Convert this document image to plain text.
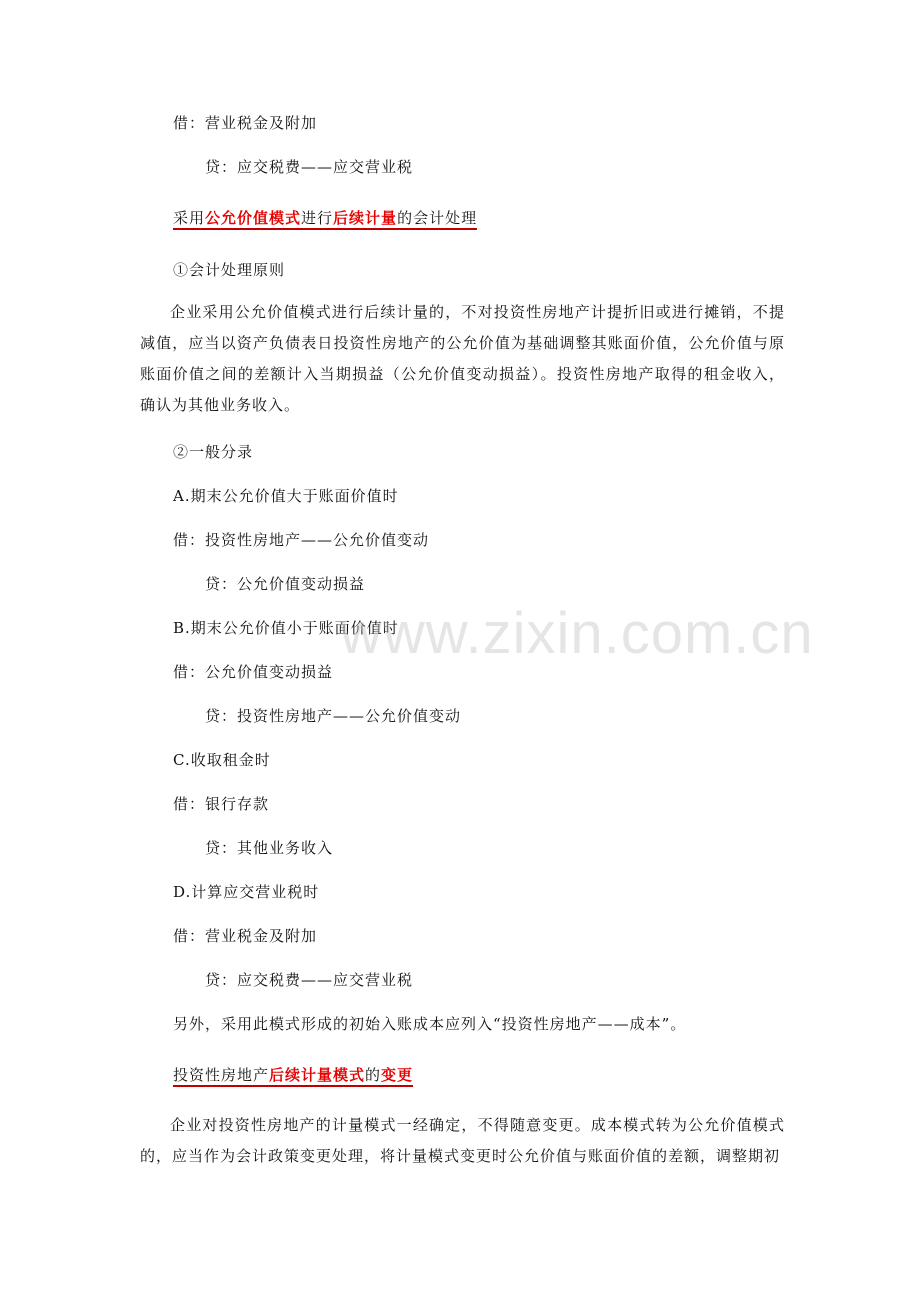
借：营业税金及附加
贷：应交税费——应交营业税
采用公允价值模式进行后续计量的会计处理
①会计处理原则

企业采用公允价值模式进行后续计量的，不对投资性房地产计提折旧或进行摊销，不提减值，应当以资产负债表日投资性房地产的公允价值为基础调整其账面价值，公允价值与原账面价值之间的差额计入当期损益（公允价值变动损益）。投资性房地产取得的租金收入，确认为其他业务收入。

②一般分录
A.期末公允价值大于账面价值时
借：投资性房地产——公允价值变动
贷：公允价值变动损益
B.期末公允价值小于账面价值时
借：公允价值变动损益
贷：投资性房地产——公允价值变动
C.收取租金时
借：银行存款
贷：其他业务收入
D.计算应交营业税时
借：营业税金及附加
贷：应交税费——应交营业税
另外，采用此模式形成的初始入账成本应列入“投资性房地产——成本”。
投资性房地产后续计量模式的变更

企业对投资性房地产的计量模式一经确定，不得随意变更。成本模式转为公允价值模式的，应当作为会计政策变更处理，将计量模式变更时公允价值与账面价值的差额，调整期初

www.zixin.com.cn
